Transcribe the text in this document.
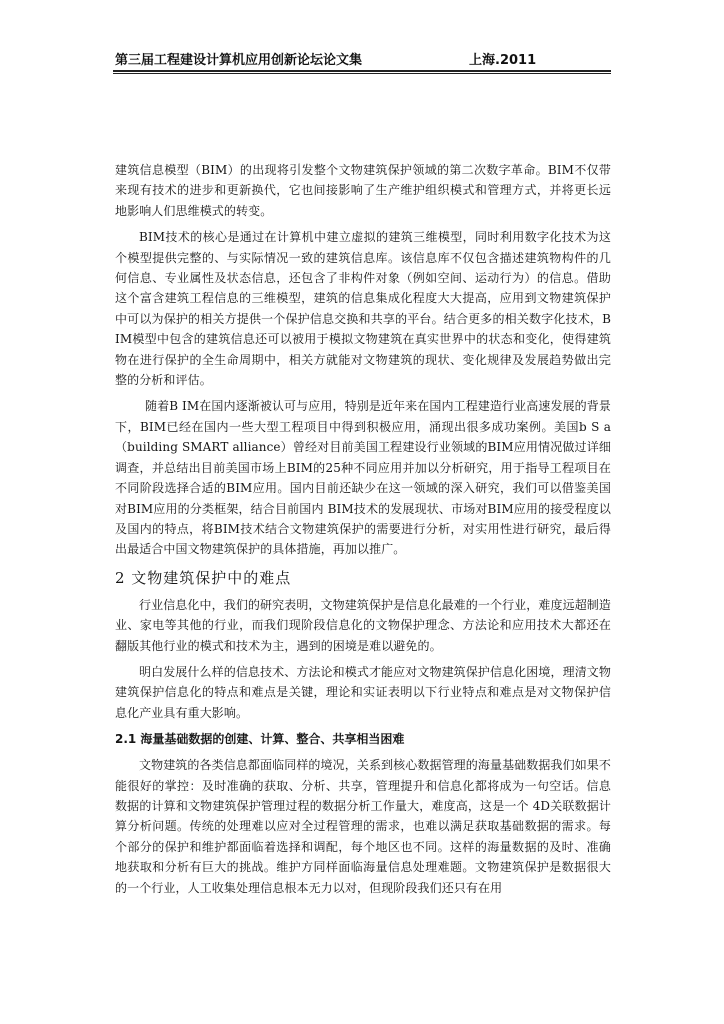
第三届工程建设计算机应用创新论坛论文集	上海.2011

建筑信息模型（BIM）的出现将引发整个文物建筑保护领域的第二次数字革命。BIM不仅带来现有技术的进步和更新换代，它也间接影响了生产维护组织模式和管理方式，并将更长远地影响人们思维模式的转变。

BIM技术的核心是通过在计算机中建立虚拟的建筑三维模型，同时利用数字化技术为这个模型提供完整的、与实际情况一致的建筑信息库。该信息库不仅包含描述建筑物构件的几何信息、专业属性及状态信息，还包含了非构件对象（例如空间、运动行为）的信息。借助这个富含建筑工程信息的三维模型，建筑的信息集成化程度大大提高，应用到文物建筑保护中可以为保护的相关方提供一个保护信息交换和共享的平台。结合更多的相关数字化技术，BIM模型中包含的建筑信息还可以被用于模拟文物建筑在真实世界中的状态和变化，使得建筑物在进行保护的全生命周期中，相关方就能对文物建筑的现状、变化规律及发展趋势做出完整的分析和评估。

随着B IM在国内逐渐被认可与应用，特别是近年来在国内工程建造行业高速发展的背景下，BIM已经在国内一些大型工程项目中得到积极应用，涌现出很多成功案例。美国b S a（building SMART alliance）曾经对目前美国工程建设行业领域的BIM应用情况做过详细调查，并总结出目前美国市场上BIM的25种不同应用并加以分析研究，用于指导工程项目在不同阶段选择合适的BIM应用。国内目前还缺少在这一领域的深入研究，我们可以借鉴美国对BIM应用的分类框架，结合目前国内 BIM技术的发展现状、市场对BIM应用的接受程度以及国内的特点，将BIM技术结合文物建筑保护的需要进行分析，对实用性进行研究，最后得出最适合中国文物建筑保护的具体措施，再加以推广。

2 文物建筑保护中的难点

行业信息化中，我们的研究表明，文物建筑保护是信息化最难的一个行业，难度远超制造业、家电等其他的行业，而我们现阶段信息化的文物保护理念、方法论和应用技术大都还在翻版其他行业的模式和技术为主，遇到的困境是难以避免的。

明白发展什么样的信息技术、方法论和模式才能应对文物建筑保护信息化困境，理清文物建筑保护信息化的特点和难点是关键，理论和实证表明以下行业特点和难点是对文物保护信息化产业具有重大影响。

2.1 海量基础数据的创建、计算、整合、共享相当困难

文物建筑的各类信息都面临同样的境况，关系到核心数据管理的海量基础数据我们如果不能很好的掌控：及时准确的获取、分析、共享，管理提升和信息化都将成为一句空话。信息数据的计算和文物建筑保护管理过程的数据分析工作量大，难度高，这是一个 4D关联数据计算分析问题。传统的处理难以应对全过程管理的需求，也难以满足获取基础数据的需求。每个部分的保护和维护都面临着选择和调配，每个地区也不同。这样的海量数据的及时、准确地获取和分析有巨大的挑战。维护方同样面临海量信息处理难题。文物建筑保护是数据很大的一个行业，人工收集处理信息根本无力以对，但现阶段我们还只有在用
